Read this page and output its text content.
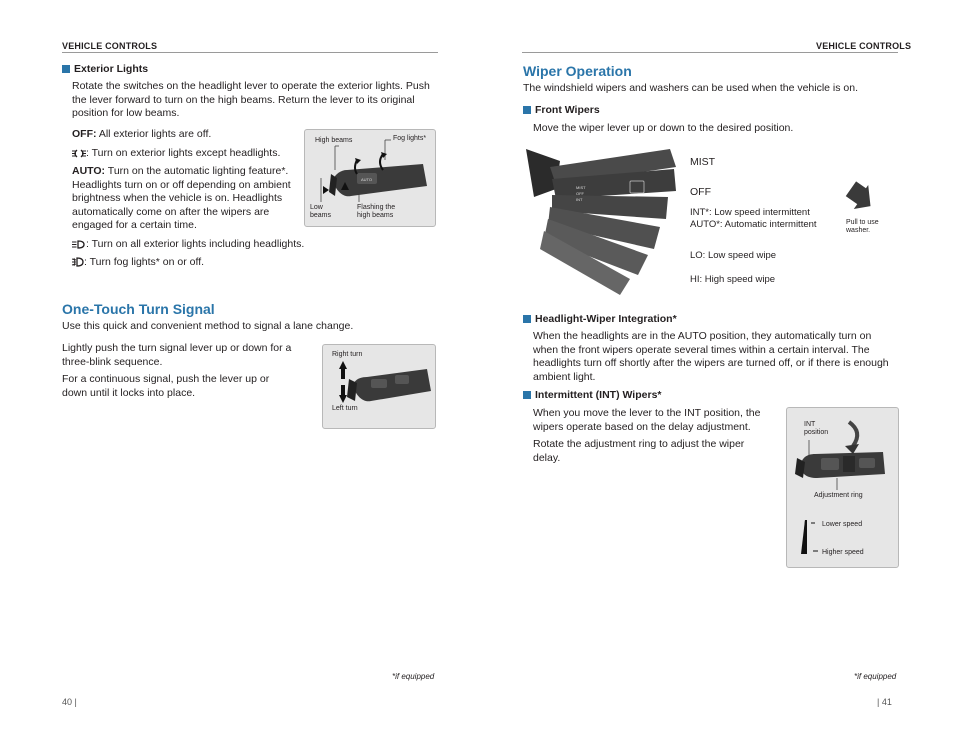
VEHICLE CONTROLS
Exterior Lights
Rotate the switches on the headlight lever to operate the exterior lights. Push the lever forward to turn on the high beams. Return the lever to its original position for low beams.
OFF: All exterior lights are off.
: Turn on exterior lights except headlights.
AUTO: Turn on the automatic lighting feature*. Headlights turn on or off depending on ambient brightness when the vehicle is on. Headlights automatically come on after the wipers are engaged for a certain time.
: Turn on all exterior lights including headlights.
: Turn fog lights* on or off.
High beams	Fog lights*
Low
beams
Flashing the
high beams
AUTO
One-Touch Turn Signal
Use this quick and convenient method to signal a lane change.
Lightly push the turn signal lever up or down for a three-blink sequence.
For a continuous signal, push the lever up or down until it locks into place.
Right turn
Left turn
*if equipped
40 |
VEHICLE CONTROLS
Wiper Operation
The windshield wipers and washers can be used when the vehicle is on.
Front Wipers
Move the wiper lever up or down to the desired position.
MIST
OFF
INT
MIST
OFF
INT*: Low speed intermittent
AUTO*: Automatic intermittent
LO: Low speed wipe
HI: High speed wipe
Pull to use
washer.
Headlight-Wiper Integration*
When the headlights are in the AUTO position, they automatically turn on when the front wipers operate several times within a certain interval. The headlights turn off shortly after the wipers are turned off, or if there is enough ambient light.
Intermittent (INT) Wipers*
When you move the lever to the INT position, the wipers operate based on the delay adjustment.
Rotate the adjustment ring to adjust the wiper delay.
INT
position
Adjustment ring
Lower speed
Higher speed
*if equipped
| 41
